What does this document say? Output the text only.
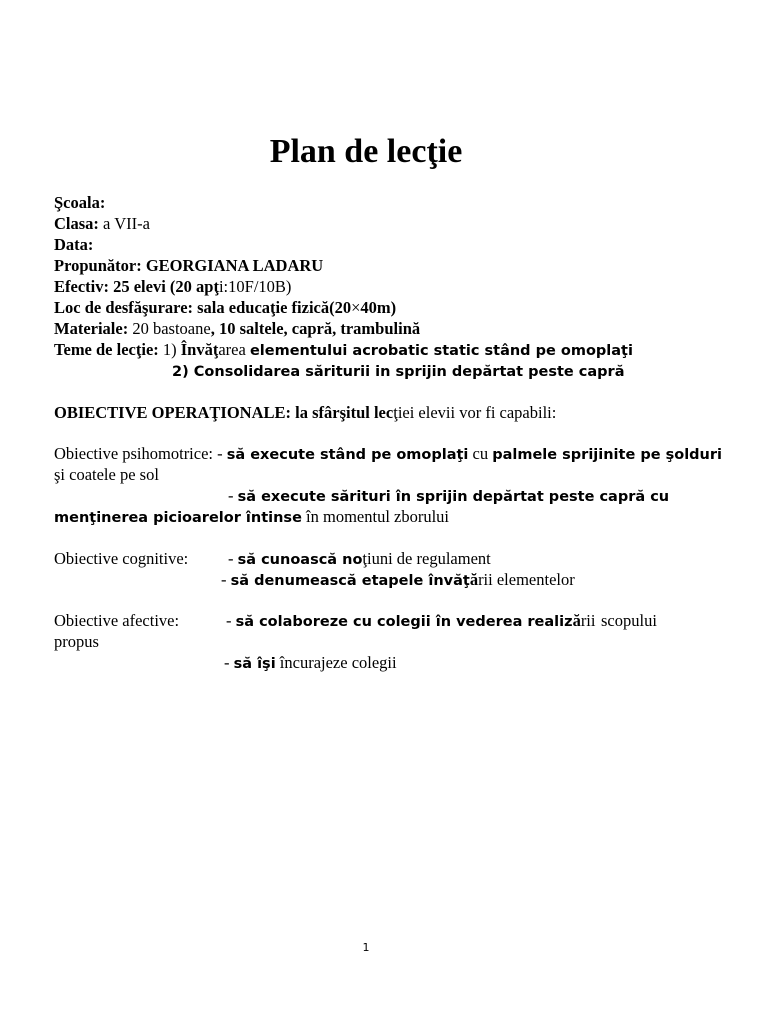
Plan de lecţie
Şcoala:
Clasa: a VII-a
Data:
Propunător: GEORGIANA LADARU
Efectiv: 25 elevi (20 apţi:10F/10B)
Loc de desfăşurare: sala educaţie fizică(20×40m)
Materiale: 20 bastoane, 10 saltele, capră, trambulină
Teme de lecţie: 1) Învăţarea elementului acrobatic static stând pe omoplaţi
2) Consolidarea săriturii in sprijin depărtat peste capră
OBIECTIVE OPERAŢIONALE: la sfârşitul lecţiei elevii vor fi capabili:
Obiective psihomotrice: - să execute stând pe omoplaţi cu palmele sprijinite pe şolduri
şi coatele pe sol
- să execute sărituri în sprijin depărtat peste capră cu
menţinerea picioarelor întinse în momentul zborului
Obiective cognitive: - să cunoască noţiuni de regulament
- să denumească etapele învăţării elementelor
Obiective afective:	- să colaboreze cu colegii în vederea realizării scopului
propus
- să îşi încurajeze colegii
1
